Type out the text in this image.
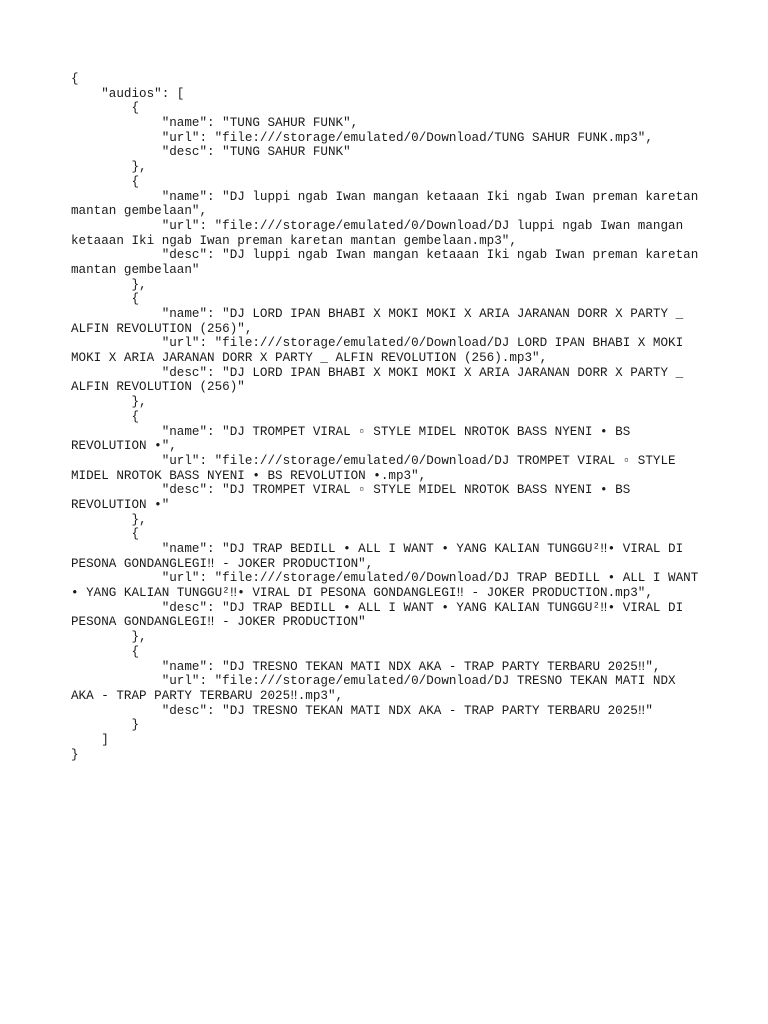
{
"audios": [
{
"name": "TUNG SAHUR FUNK",
"url": "file:///storage/emulated/0/Download/TUNG SAHUR FUNK.mp3",
"desc": "TUNG SAHUR FUNK"
},
{
"name": "DJ luppi ngab Iwan mangan ketaaan Iki ngab Iwan preman karetan
mantan gembelaan",
"url": "file:///storage/emulated/0/Download/DJ luppi ngab Iwan mangan
ketaaan Iki ngab Iwan preman karetan mantan gembelaan.mp3",
"desc": "DJ luppi ngab Iwan mangan ketaaan Iki ngab Iwan preman karetan
mantan gembelaan"
},
{
"name": "DJ LORD IPAN BHABI X MOKI MOKI X ARIA JARANAN DORR X PARTY _
ALFIN REVOLUTION (256)",
"url": "file:///storage/emulated/0/Download/DJ LORD IPAN BHABI X MOKI
MOKI X ARIA JARANAN DORR X PARTY _ ALFIN REVOLUTION (256).mp3",
"desc": "DJ LORD IPAN BHABI X MOKI MOKI X ARIA JARANAN DORR X PARTY _
ALFIN REVOLUTION (256)"
},
{
"name": "DJ TROMPET VIRAL ▫ STYLE MIDEL NROTOK BASS NYENI • BS
REVOLUTION •",
"url": "file:///storage/emulated/0/Download/DJ TROMPET VIRAL ▫ STYLE
MIDEL NROTOK BASS NYENI • BS REVOLUTION •.mp3",
"desc": "DJ TROMPET VIRAL ▫ STYLE MIDEL NROTOK BASS NYENI • BS
REVOLUTION •"
},
{
"name": "DJ TRAP BEDILL • ALL I WANT • YANG KALIAN TUNGGU²‼• VIRAL DI
PESONA GONDANGLEGI‼ - JOKER PRODUCTION",
"url": "file:///storage/emulated/0/Download/DJ TRAP BEDILL • ALL I WANT
• YANG KALIAN TUNGGU²‼• VIRAL DI PESONA GONDANGLEGI‼ - JOKER PRODUCTION.mp3",
"desc": "DJ TRAP BEDILL • ALL I WANT • YANG KALIAN TUNGGU²‼• VIRAL DI
PESONA GONDANGLEGI‼ - JOKER PRODUCTION"
},
{
"name": "DJ TRESNO TEKAN MATI NDX AKA - TRAP PARTY TERBARU 2025‼",
"url": "file:///storage/emulated/0/Download/DJ TRESNO TEKAN MATI NDX
AKA - TRAP PARTY TERBARU 2025‼.mp3",
"desc": "DJ TRESNO TEKAN MATI NDX AKA - TRAP PARTY TERBARU 2025‼"
}
]
}
